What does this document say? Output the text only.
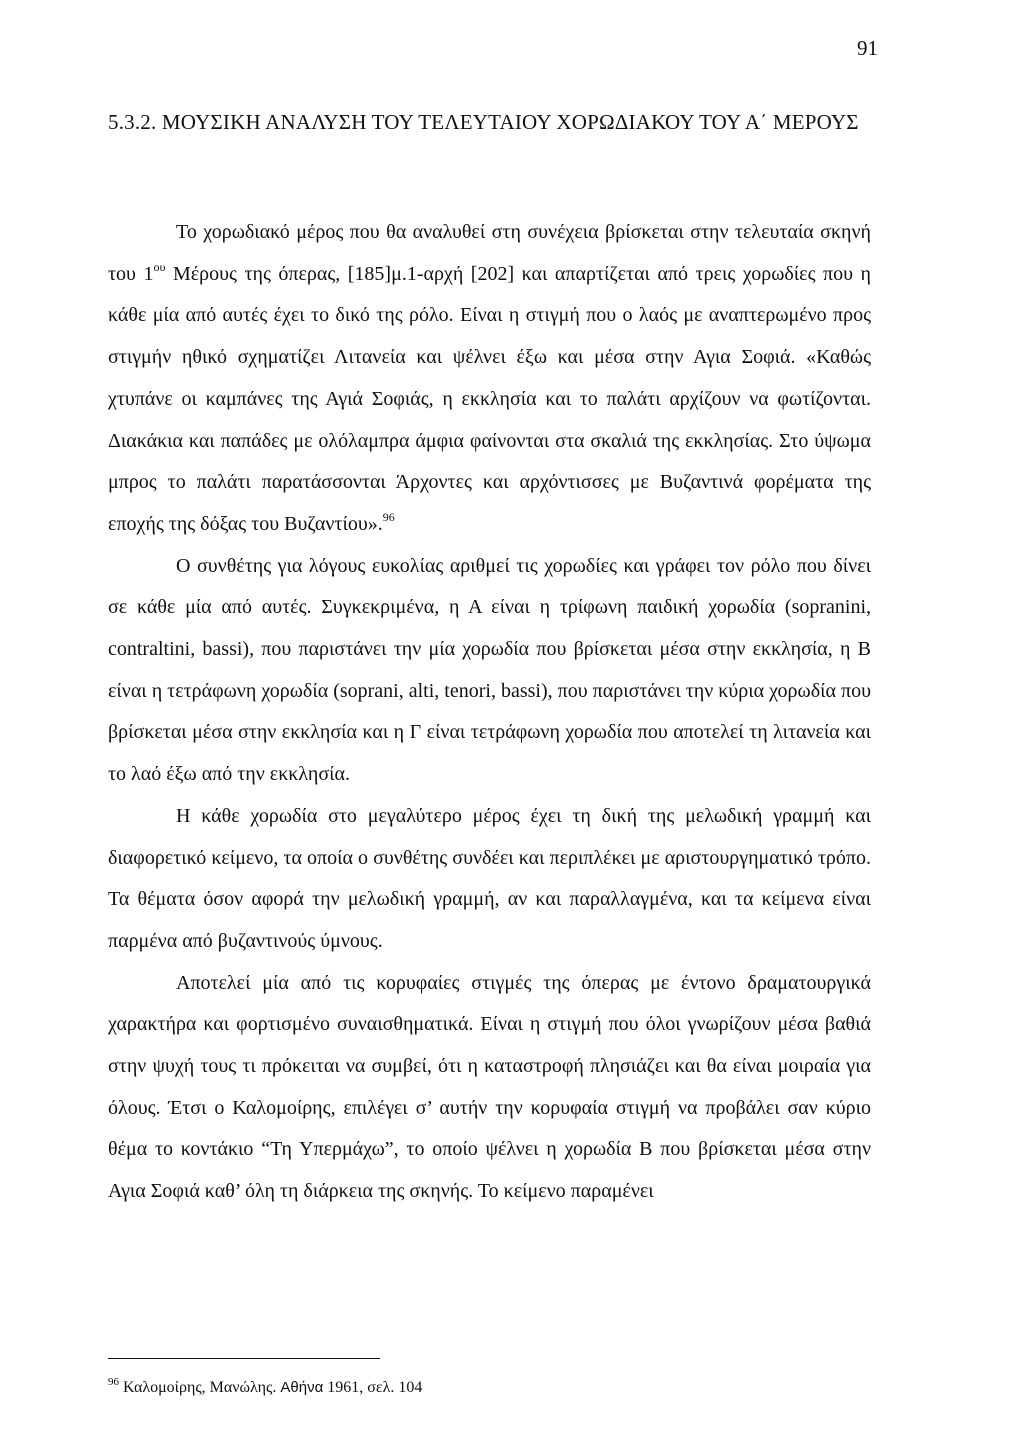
91
5.3.2. ΜΟΥΣΙΚΗ ΑΝΑΛΥΣΗ ΤΟΥ ΤΕΛΕΥΤΑΙΟΥ ΧΟΡΩΔΙΑΚΟΥ ΤΟΥ Α΄ ΜΕΡΟΥΣ

Το χορωδιακό μέρος που θα αναλυθεί στη συνέχεια βρίσκεται στην τελευταία σκηνή του $1^{o\upsilon}$ Μέρους της όπερας, [185]μ.1-αρχή [202] και απαρτίζεται από τρεις χορωδίες που η κάθε μία από αυτές έχει το δικό της ρόλο. Είναι η στιγμή που ο λαός με αναπτερωμένο προς στιγμήν ηθικό σχηματίζει Λιτανεία και ψέλνει έξω και μέσα στην Αγια Σοφιά. «Καθώς χτυπάνε οι καμπάνες της Αγιά Σοφιάς, η εκκλησία και το παλάτι αρχίζουν να φωτίζονται. Διακάκια και παπάδες με ολόλαμπρα άμφια φαίνονται στα σκαλιά της εκκλησίας. Στο ύψωμα μπρος το παλάτι παρατάσσονται Άρχοντες και αρχόντισσες με Βυζαντινά φορέματα της εποχής της δόξας του Βυζαντίου».$^{96}$

Ο συνθέτης για λόγους ευκολίας αριθμεί τις χορωδίες και γράφει τον ρόλο που δίνει σε κάθε μία από αυτές. Συγκεκριμένα, η Α είναι η τρίφωνη παιδική χορωδία (sopranini, contraltini, bassi), που παριστάνει την μία χορωδία που βρίσκεται μέσα στην εκκλησία, η Β είναι η τετράφωνη χορωδία (soprani, alti, tenori, bassi), που παριστάνει την κύρια χορωδία που βρίσκεται μέσα στην εκκλησία και η Γ είναι τετράφωνη χορωδία που αποτελεί τη λιτανεία και το λαό έξω από την εκκλησία.

Η κάθε χορωδία στο μεγαλύτερο μέρος έχει τη δική της μελωδική γραμμή και διαφορετικό κείμενο, τα οποία ο συνθέτης συνδέει και περιπλέκει με αριστουργηματικό τρόπο. Τα θέματα όσον αφορά την μελωδική γραμμή, αν και παραλλαγμένα, και τα κείμενα είναι παρμένα από βυζαντινούς ύμνους.

Αποτελεί μία από τις κορυφαίες στιγμές της όπερας με έντονο δραματουργικά χαρακτήρα και φορτισμένο συναισθηματικά. Είναι η στιγμή που όλοι γνωρίζουν μέσα βαθιά στην ψυχή τους τι πρόκειται να συμβεί, ότι η καταστροφή πλησιάζει και θα είναι μοιραία για όλους. Έτσι ο Καλομοίρης, επιλέγει σ’ αυτήν την κορυφαία στιγμή να προβάλει σαν κύριο θέμα το κοντάκιο “Τη Υπερμάχω”, το οποίο ψέλνει η χορωδία Β που βρίσκεται μέσα στην Αγια Σοφιά καθ’ όλη τη διάρκεια της σκηνής. Το κείμενο παραμένει

$^{96}$ Καλομοίρης, Μανώλης. Αθήνα 1961, σελ. 104
